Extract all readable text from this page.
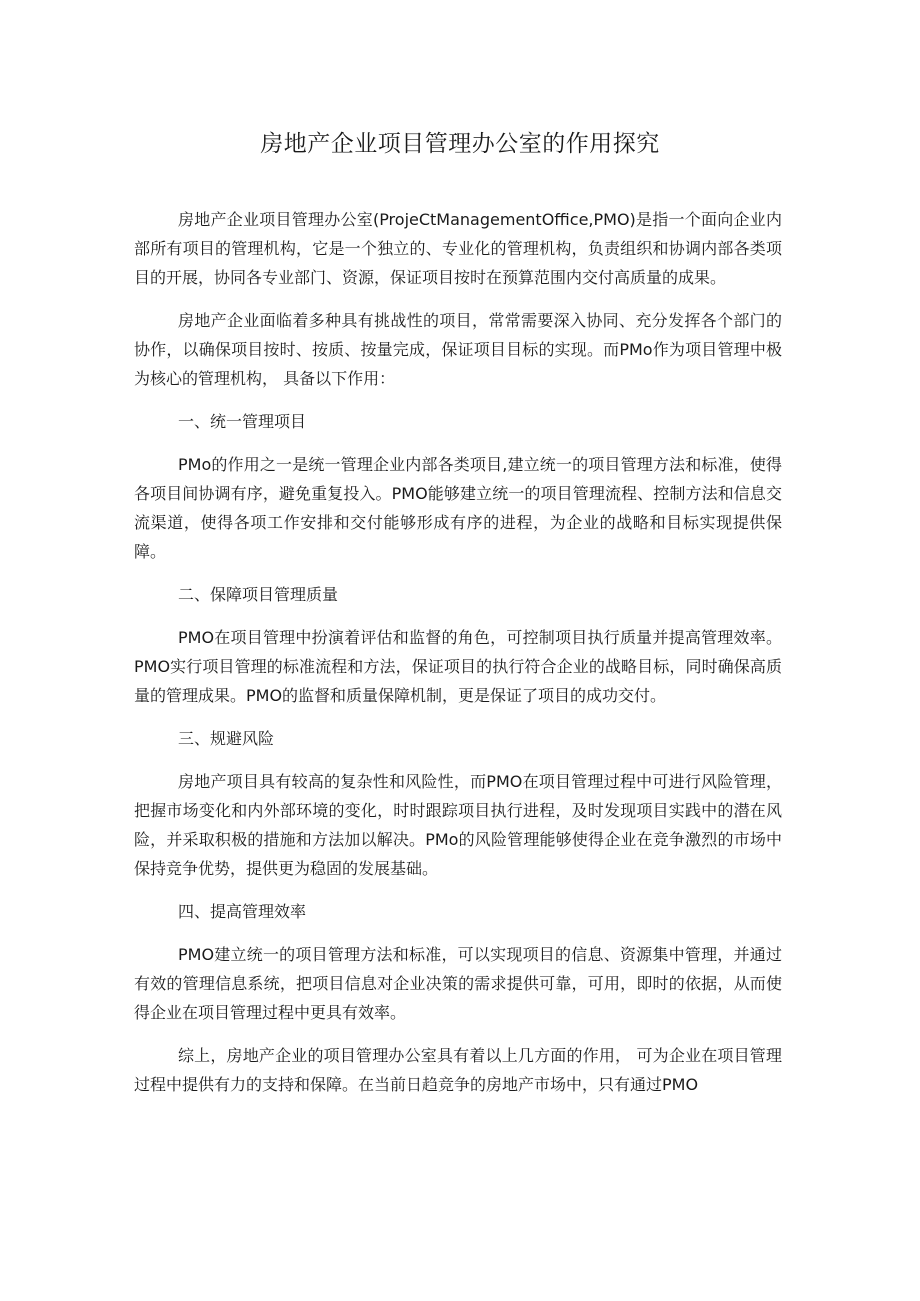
房地产企业项目管理办公室的作用探究

房地产企业项目管理办公室(ProjeCtManagementOffice,PMO)是指一个面向企业内部所有项目的管理机构，它是一个独立的、专业化的管理机构，负责组织和协调内部各类项目的开展，协同各专业部门、资源，保证项目按时在预算范围内交付高质量的成果。

房地产企业面临着多种具有挑战性的项目，常常需要深入协同、充分发挥各个部门的协作，以确保项目按时、按质、按量完成，保证项目目标的实现。而PMo作为项目管理中极为核心的管理机构， 具备以下作用：

一、统一管理项目

PMo的作用之一是统一管理企业内部各类项目,建立统一的项目管理方法和标准，使得各项目间协调有序，避免重复投入。PMO能够建立统一的项目管理流程、控制方法和信息交流渠道，使得各项工作安排和交付能够形成有序的进程，为企业的战略和目标实现提供保障。

二、保障项目管理质量

PMO在项目管理中扮演着评估和监督的角色，可控制项目执行质量并提高管理效率。PMO实行项目管理的标准流程和方法，保证项目的执行符合企业的战略目标，同时确保高质量的管理成果。PMO的监督和质量保障机制，更是保证了项目的成功交付。

三、规避风险

房地产项目具有较高的复杂性和风险性，而PMO在项目管理过程中可进行风险管理，把握市场变化和内外部环境的变化，时时跟踪项目执行进程，及时发现项目实践中的潜在风险，并采取积极的措施和方法加以解决。PMo的风险管理能够使得企业在竞争激烈的市场中保持竞争优势，提供更为稳固的发展基础。

四、提高管理效率

PMO建立统一的项目管理方法和标准，可以实现项目的信息、资源集中管理，并通过有效的管理信息系统，把项目信息对企业决策的需求提供可靠，可用，即时的依据，从而使得企业在项目管理过程中更具有效率。

综上，房地产企业的项目管理办公室具有着以上几方面的作用， 可为企业在项目管理过程中提供有力的支持和保障。在当前日趋竞争的房地产市场中，只有通过PMO
